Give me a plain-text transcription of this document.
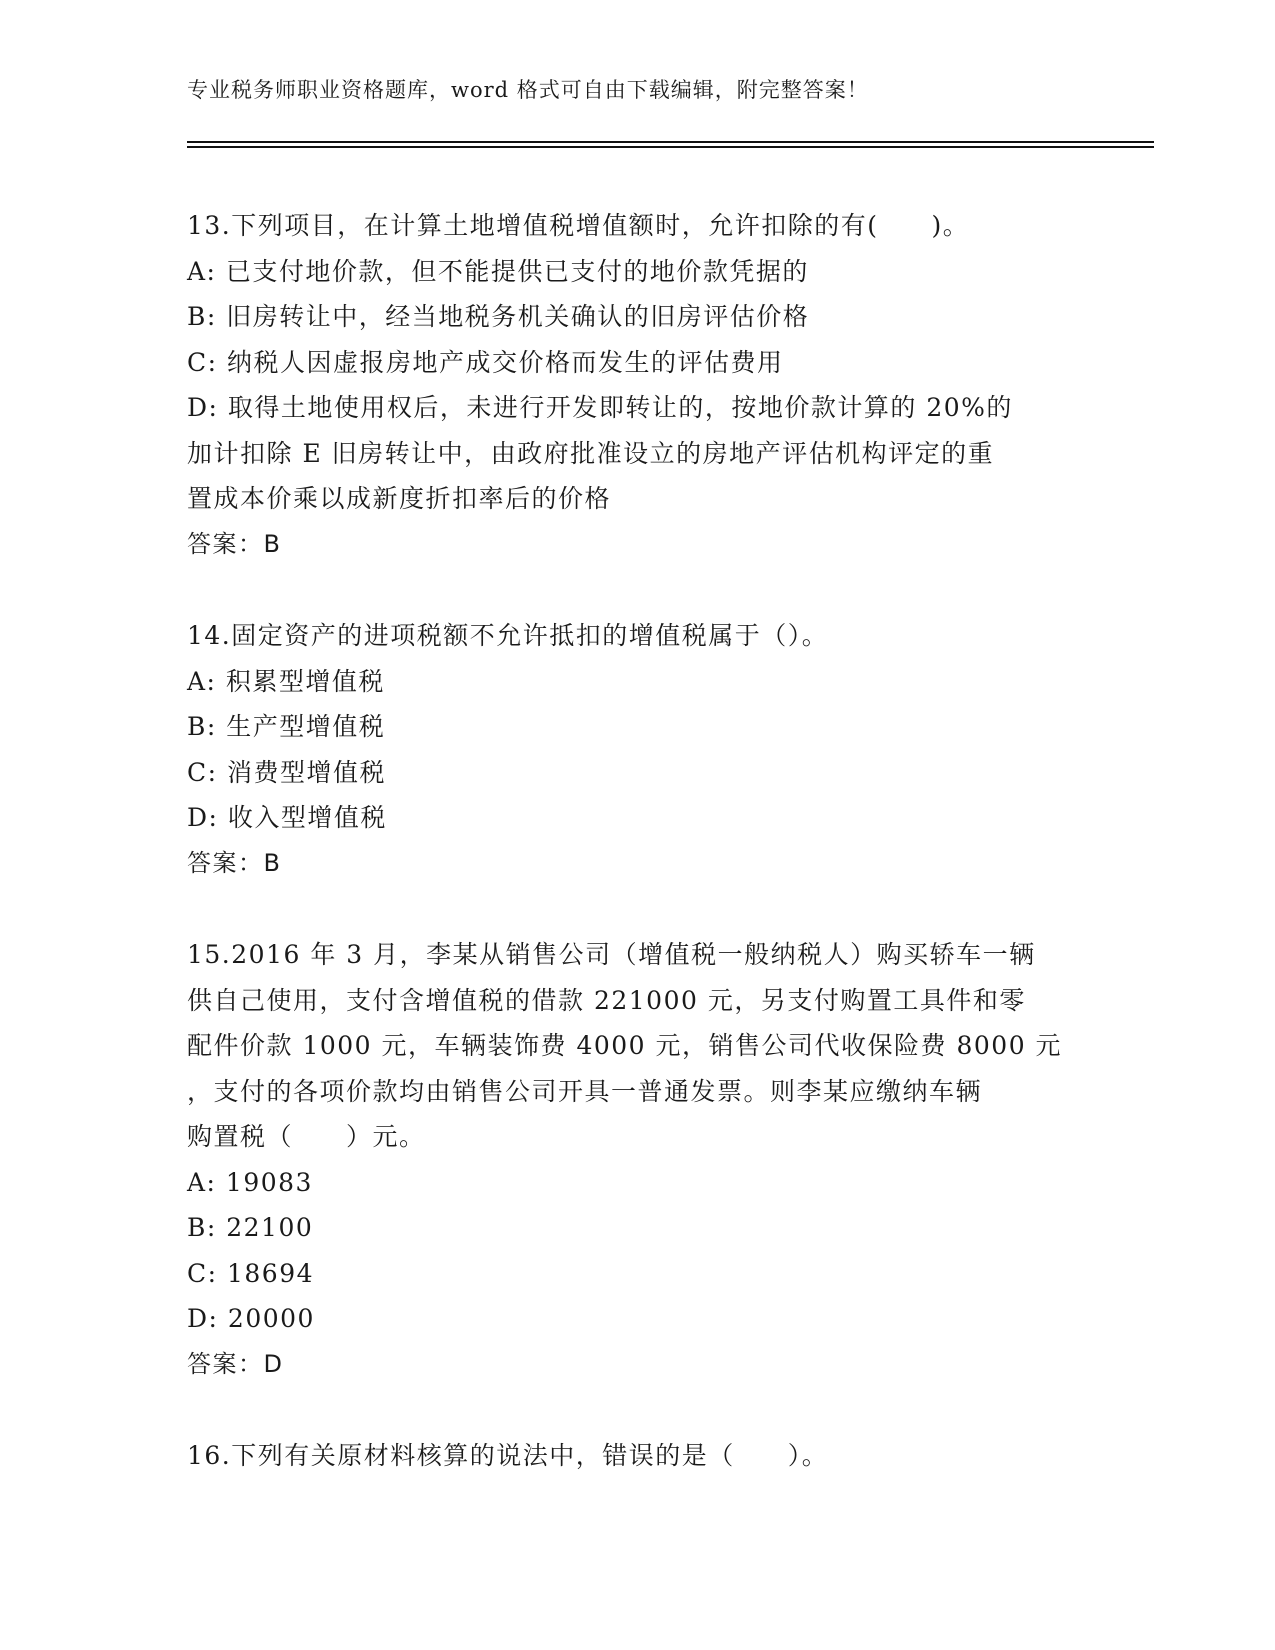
专业税务师职业资格题库，word 格式可自由下载编辑，附完整答案！
13.下列项目，在计算土地增值税增值额时，允许扣除的有(　　)。
A: 已支付地价款，但不能提供已支付的地价款凭据的
B: 旧房转让中，经当地税务机关确认的旧房评估价格
C: 纳税人因虚报房地产成交价格而发生的评估费用
D: 取得土地使用权后，未进行开发即转让的，按地价款计算的 20%的
加计扣除 E 旧房转让中，由政府批准设立的房地产评估机构评定的重
置成本价乘以成新度折扣率后的价格
答案：B
14.固定资产的进项税额不允许抵扣的增值税属于（）。
A: 积累型增值税
B: 生产型增值税
C: 消费型增值税
D: 收入型增值税
答案：B
15.2016 年 3 月，李某从销售公司（增值税一般纳税人）购买轿车一辆
供自己使用，支付含增值税的借款 221000 元，另支付购置工具件和零
配件价款 1000 元，车辆装饰费 4000 元，销售公司代收保险费 8000 元
，支付的各项价款均由销售公司开具一普通发票。则李某应缴纳车辆
购置税（　　）元。
A: 19083
B: 22100
C: 18694
D: 20000
答案：D
16.下列有关原材料核算的说法中，错误的是（　　）。
